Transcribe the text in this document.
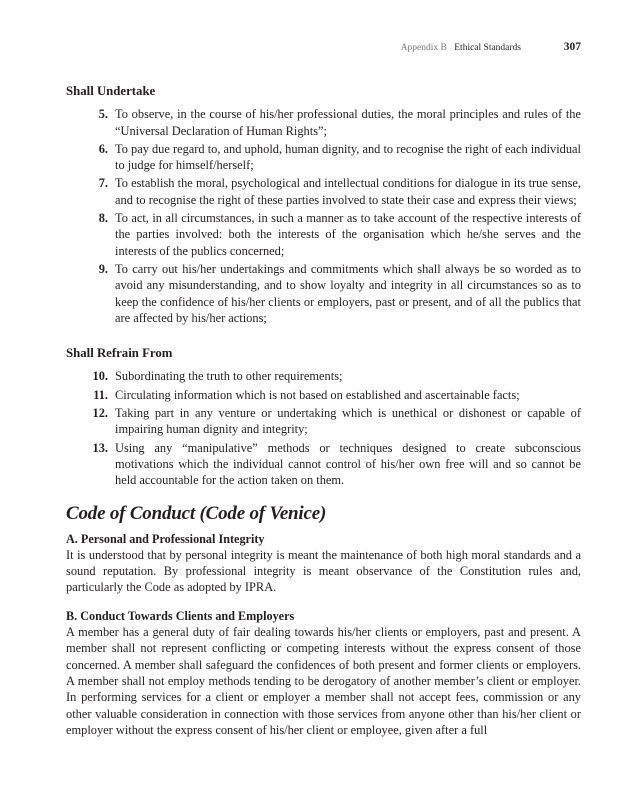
Appendix B Ethical Standards	307
Shall Undertake
5. To observe, in the course of his/her professional duties, the moral principles and rules of the “Universal Declaration of Human Rights”;
6. To pay due regard to, and uphold, human dignity, and to recognise the right of each individual to judge for himself/herself;
7. To establish the moral, psychological and intellectual conditions for dialogue in its true sense, and to recognise the right of these parties involved to state their case and express their views;
8. To act, in all circumstances, in such a manner as to take account of the respective interests of the parties involved: both the interests of the organisation which he/she serves and the interests of the publics concerned;
9. To carry out his/her undertakings and commitments which shall always be so worded as to avoid any misunderstanding, and to show loyalty and integrity in all circumstances so as to keep the confidence of his/her clients or employers, past or present, and of all the publics that are affected by his/her actions;
Shall Refrain From
10. Subordinating the truth to other requirements;
11. Circulating information which is not based on established and ascertainable facts;
12. Taking part in any venture or undertaking which is unethical or dishonest or capable of impairing human dignity and integrity;
13. Using any “manipulative” methods or techniques designed to create subconscious motivations which the individual cannot control of his/her own free will and so cannot be held accountable for the action taken on them.
Code of Conduct (Code of Venice)
A. Personal and Professional Integrity

It is understood that by personal integrity is meant the maintenance of both high moral standards and a sound reputation. By professional integrity is meant observance of the Constitution rules and, particularly the Code as adopted by IPRA.

B. Conduct Towards Clients and Employers

A member has a general duty of fair dealing towards his/her clients or employers, past and present. A member shall not represent conflicting or competing interests without the express consent of those concerned. A member shall safeguard the confidences of both present and former clients or employers. A member shall not employ methods tending to be derogatory of another member’s client or employer. In performing services for a client or employer a member shall not accept fees, commission or any other valuable consideration in connection with those services from anyone other than his/her client or employer without the express consent of his/her client or employee, given after a full
